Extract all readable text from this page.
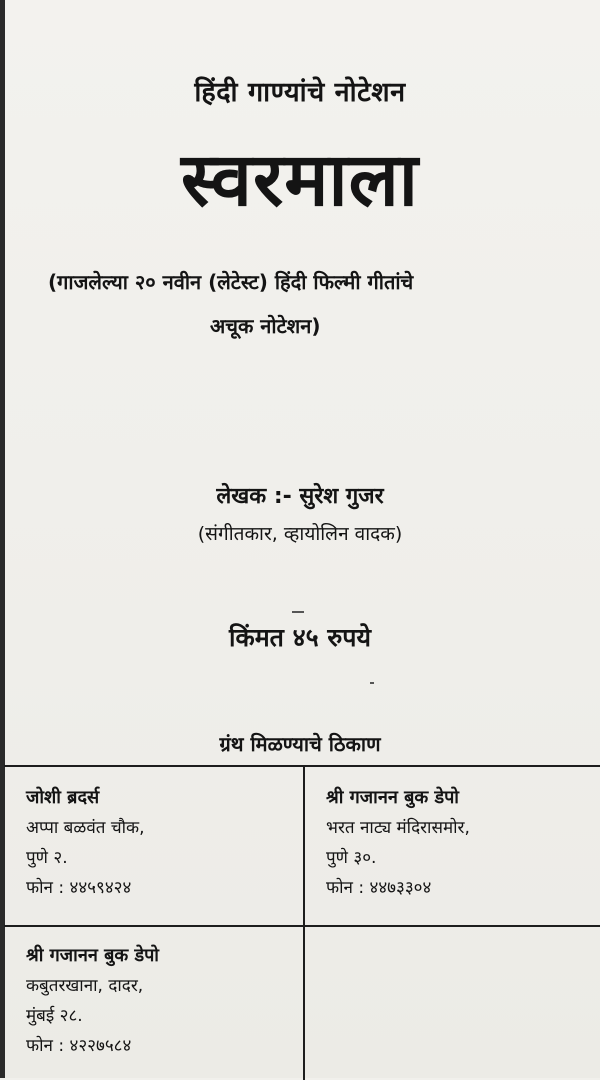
हिंदी गाण्यांचे नोटेशन
स्वरमाला
(गाजलेल्या २० नवीन (लेटेस्ट) हिंदी फिल्मी गीतांचे
अचूक नोटेशन)
लेखक :- सुरेश गुजर
(संगीतकार, व्हायोलिन वादक)
किंमत ४५ रुपये
ग्रंथ मिळण्याचे ठिकाण
जोशी ब्रदर्स
अप्पा बळवंत चौक,
पुणे २.
फोन : ४४५९४२४
श्री गजानन बुक डेपो
भरत नाट्य मंदिरासमोर,
पुणे ३०.
फोन : ४४७३३०४
श्री गजानन बुक डेपो
कबुतरखाना, दादर,
मुंबई २८.
फोन : ४२२७५८४
